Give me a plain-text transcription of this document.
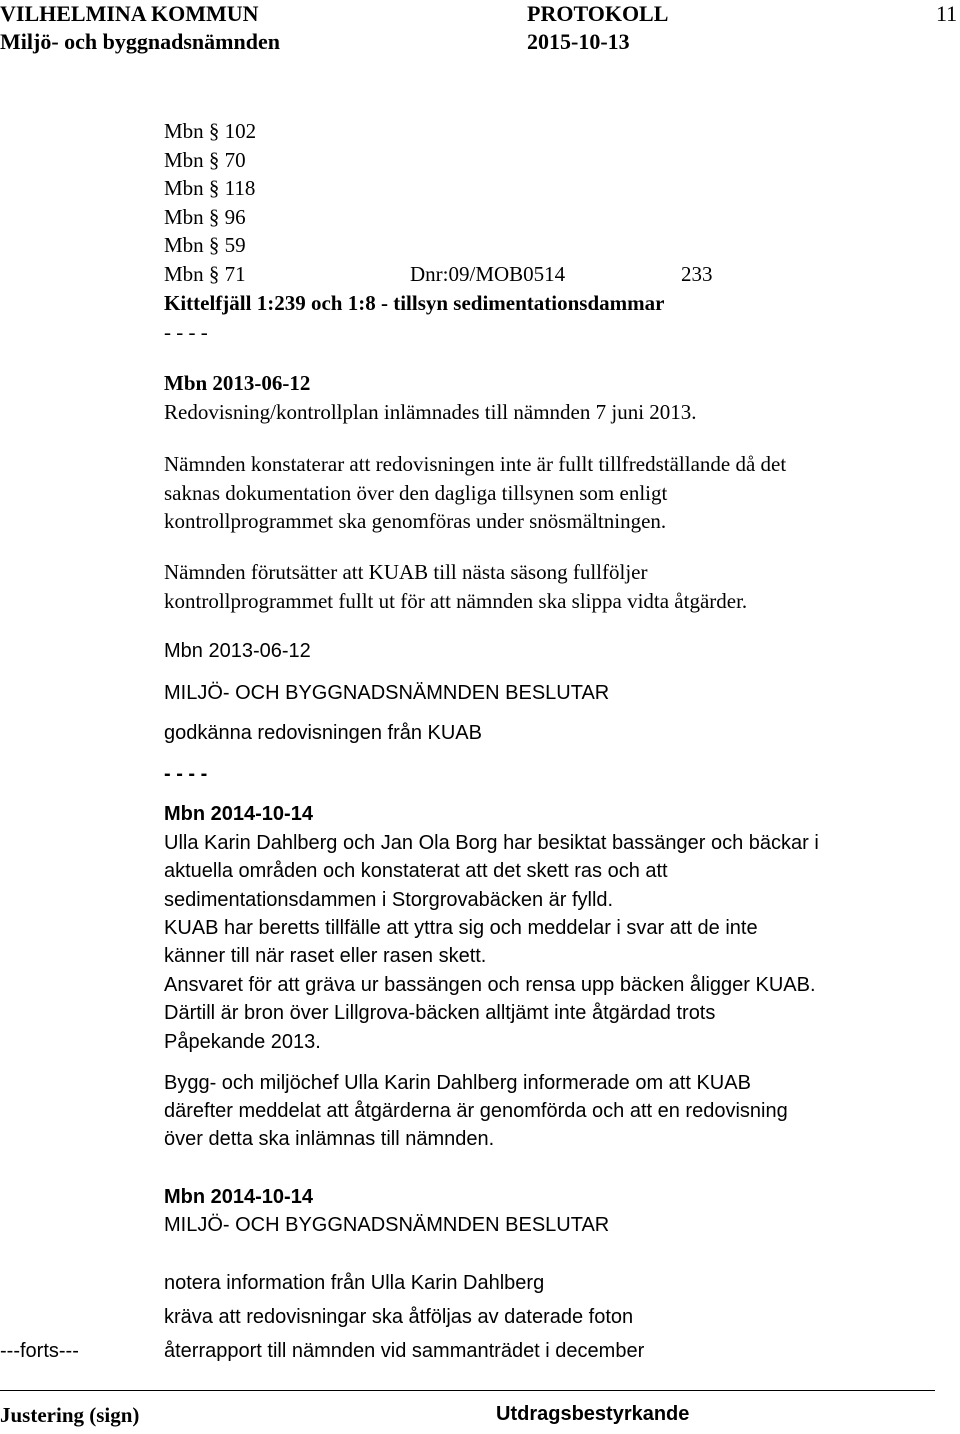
VILHELMINA KOMMUN	PROTOKOLL	11
Miljö- och byggnadsnämnden	2015-10-13
Mbn § 102
Mbn § 70
Mbn § 118
Mbn § 96
Mbn § 59
Mbn § 71	Dnr:09/MOB0514	233
Kittelfjäll 1:239 och 1:8 - tillsyn sedimentationsdammar
- - - -
Mbn 2013-06-12
Redovisning/kontrollplan inlämnades till nämnden 7 juni 2013.
Nämnden konstaterar att redovisningen inte är fullt tillfredställande då det
saknas dokumentation över den dagliga tillsynen som enligt
kontrollprogrammet ska genomföras under snösmältningen.
Nämnden förutsätter att KUAB till nästa säsong fullföljer
kontrollprogrammet fullt ut för att nämnden ska slippa vidta åtgärder.
Mbn 2013-06-12
MILJÖ- OCH BYGGNADSNÄMNDEN BESLUTAR
godkänna redovisningen från KUAB
- - - -
Mbn 2014-10-14
Ulla Karin Dahlberg och Jan Ola Borg har besiktat bassänger och bäckar i
aktuella områden och konstaterat att det skett ras och att
sedimentationsdammen i Storgrovabäcken är fylld.
KUAB har beretts tillfälle att yttra sig och meddelar i svar att de inte
känner till när raset eller rasen skett.
Ansvaret för att gräva ur bassängen och rensa upp bäcken åligger KUAB.
Därtill är bron över Lillgrova-bäcken alltjämt inte åtgärdad trots
Påpekande 2013.
Bygg- och miljöchef Ulla Karin Dahlberg informerade om att KUAB
därefter meddelat att åtgärderna är genomförda och att en redovisning
över detta ska inlämnas till nämnden.
Mbn 2014-10-14
MILJÖ- OCH BYGGNADSNÄMNDEN BESLUTAR
notera information från Ulla Karin Dahlberg
kräva att redovisningar ska åtföljas av daterade foton
återrapport till nämnden vid sammanträdet i december
---forts---
Justering (sign)	Utdragsbestyrkande
